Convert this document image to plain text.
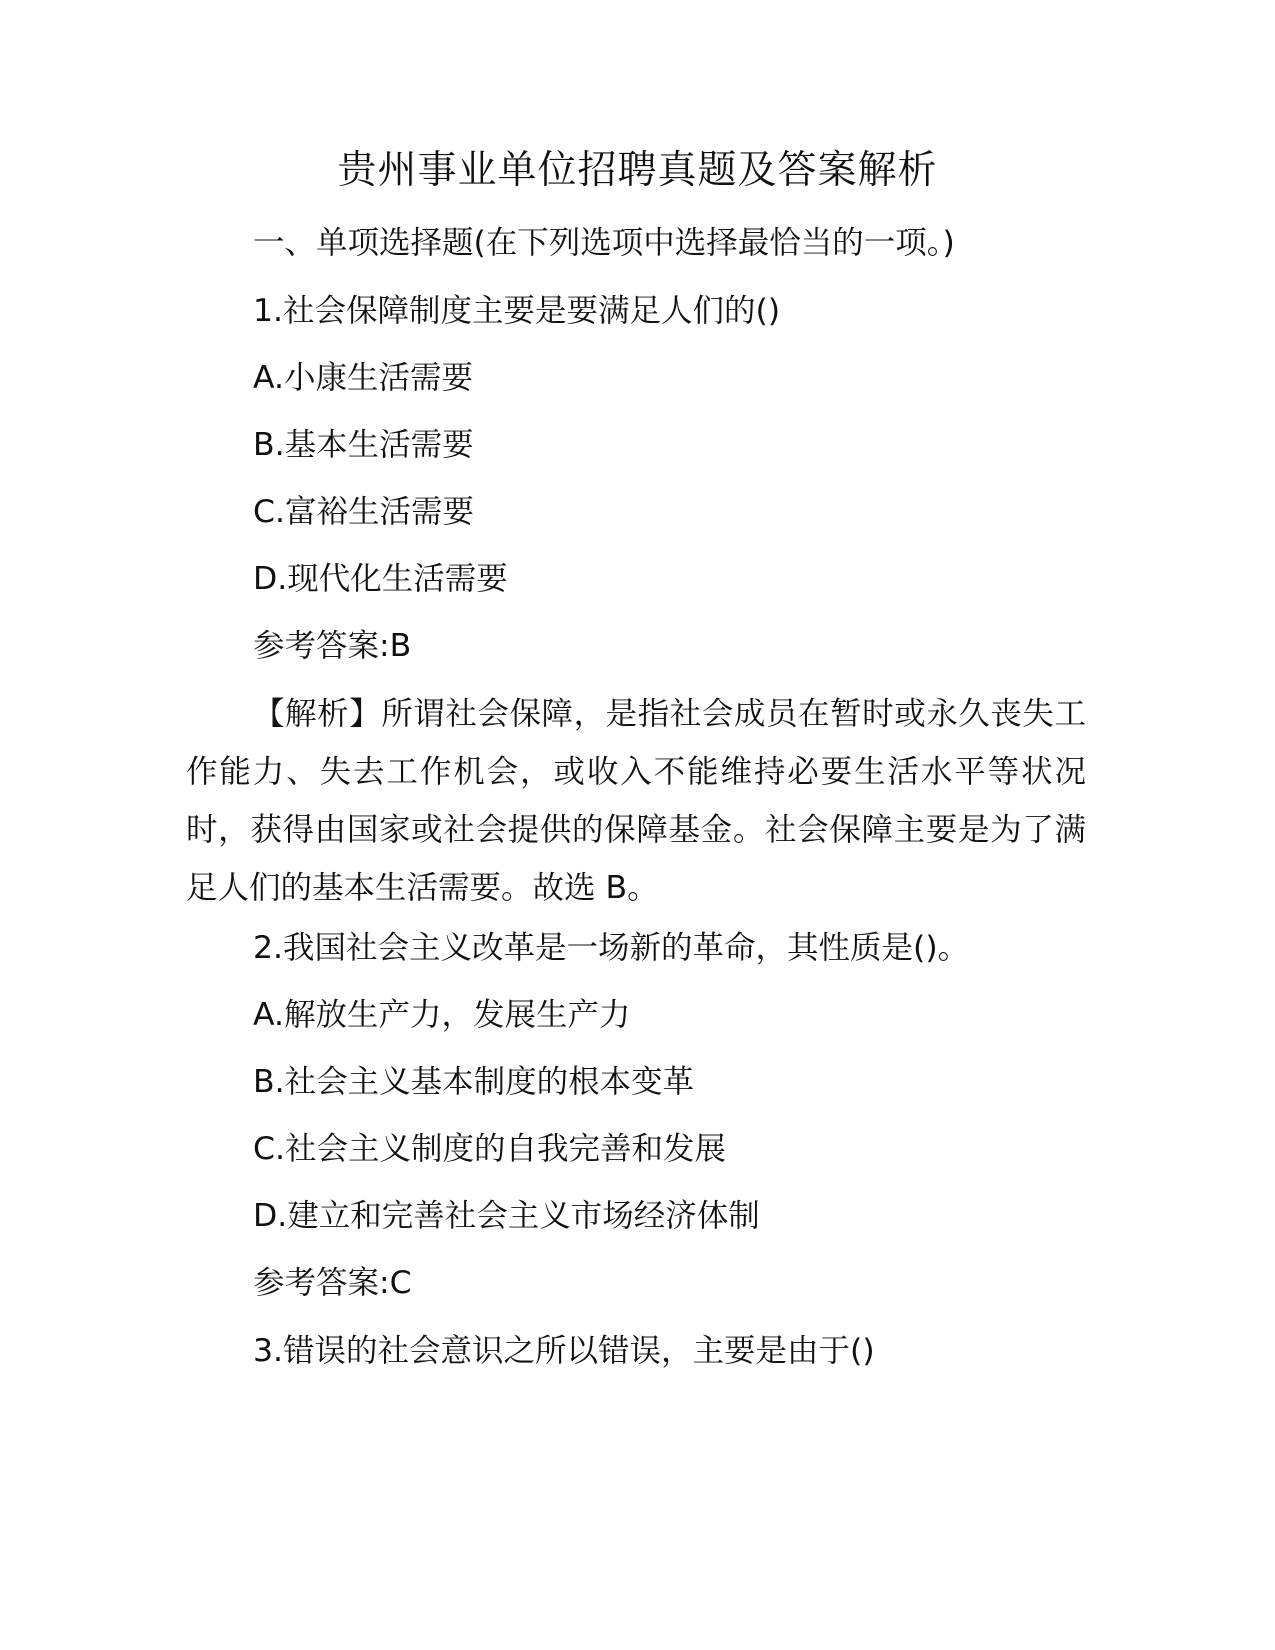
贵州事业单位招聘真题及答案解析
一、单项选择题(在下列选项中选择最恰当的一项。)
1.社会保障制度主要是要满足人们的()
A.小康生活需要
B.基本生活需要
C.富裕生活需要
D.现代化生活需要
参考答案:B
【解析】所谓社会保障，是指社会成员在暂时或永久丧失工作能力、失去工作机会，或收入不能维持必要生活水平等状况时，获得由国家或社会提供的保障基金。社会保障主要是为了满足人们的基本生活需要。故选 B。
2.我国社会主义改革是一场新的革命，其性质是()。
A.解放生产力，发展生产力
B.社会主义基本制度的根本变革
C.社会主义制度的自我完善和发展
D.建立和完善社会主义市场经济体制
参考答案:C
3.错误的社会意识之所以错误，主要是由于()
